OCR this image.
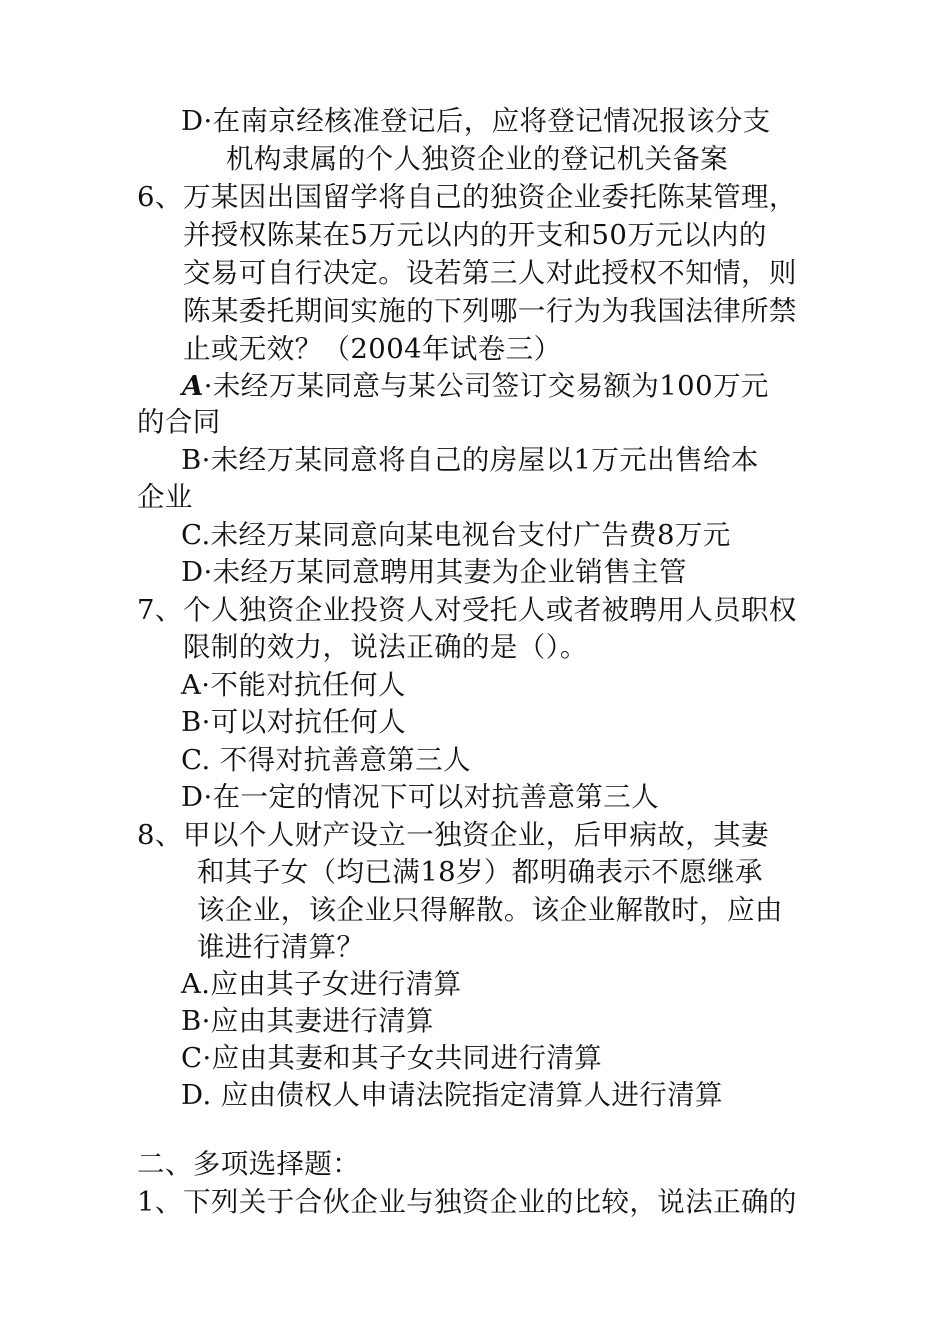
D·在南京经核准登记后，应将登记情况报该分支
机构隶属的个人独资企业的登记机关备案
6、 万某因出国留学将自己的独资企业委托陈某管理，
并授权陈某在5万元以内的开支和50万元以内的
交易可自行决定。设若第三人对此授权不知情，则
陈某委托期间实施的下列哪一行为为我国法律所禁
止或无效？（2004年试卷三）
A·未经万某同意与某公司签订交易额为100万元
的合同
B·未经万某同意将自己的房屋以1万元出售给本
企业
C.未经万某同意向某电视台支付广告费8万元
D·未经万某同意聘用其妻为企业销售主管
7、 个人独资企业投资人对受托人或者被聘用人员职权
限制的效力，说法正确的是（）。
A·不能对抗任何人
B·可以对抗任何人
C. 不得对抗善意第三人
D·在一定的情况下可以对抗善意第三人
8、 甲以个人财产设立一独资企业，后甲病故，其妻
和其子女（均已满18岁）都明确表示不愿继承
该企业，该企业只得解散。该企业解散时，应由
谁进行清算？
A.应由其子女进行清算
B·应由其妻进行清算
C·应由其妻和其子女共同进行清算
D. 应由债权人申请法院指定清算人进行清算
二、多项选择题：
1、 下列关于合伙企业与独资企业的比较，说法正确的
